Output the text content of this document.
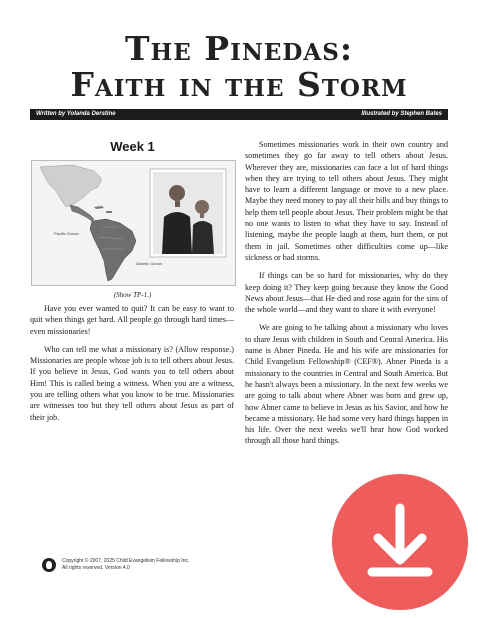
The Pinedas:
Faith in the Storm
Written by Yolanda Derstine	Illustrated by Stephen Bates
Week 1
Pacific Ocean
Atlantic Ocean
(Show TP-1.)

Have you ever wanted to quit? It can be easy to want to quit when things get hard. All people go through hard times—even missionaries!

Who can tell me what a missionary is? (Allow response.) Missionaries are people whose job is to tell others about Jesus. If you believe in Jesus, God wants you to tell others about Him! This is called being a witness. When you are a witness, you are telling others what you know to be true. Missionaries are witnesses too but they tell others about Jesus as part of their job.

Sometimes missionaries work in their own country and sometimes they go far away to tell others about Jesus. Wherever they are, missionaries can face a lot of hard things when they are trying to tell others about Jesus. They might have to learn a different language or move to a new place. Maybe they need money to pay all their bills and buy things to help them tell people about Jesus. Their problem might be that no one wants to listen to what they have to say. Instead of listening, maybe the people laugh at them, hurt them, or put them in jail. Sometimes other difficulties come up—like sickness or bad storms.

If things can be so hard for missionaries, why do they keep doing it? They keep going because they know the Good News about Jesus—that He died and rose again for the sins of the whole world—and they want to share it with everyone!

We are going to be talking about a missionary who loves to share Jesus with children in South and Central America. His name is Abner Pineda. He and his wife are missionaries for Child Evangelism Fellowship® (CEF®). Abner Pineda is a missionary to the countries in Central and South America. But he hasn't always been a missionary. In the next few weeks we are going to talk about where Abner was born and grew up, how Abner came to believe in Jesus as his Savior, and how he became a missionary. He had some very hard things happen in his life. Over the next weeks we'll hear how God worked through all those hard things.

Copyright © 2007, 2025 Child Evangelism Fellowship Inc.
All rights reserved. Version 4.0
